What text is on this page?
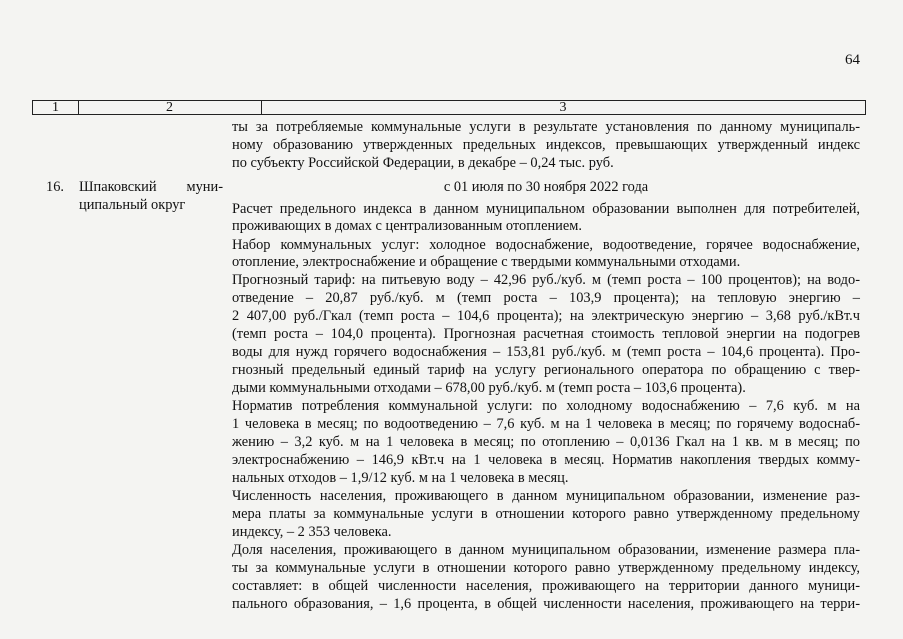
64
1	2	3
ты за потребляемые коммунальные услуги в результате установления по данному муниципаль-
ному образованию утвержденных предельных индексов, превышающих утвержденный индекс
по субъекту Российской Федерации, в декабре – 0,24 тыс. руб.
16. Шпаковский муни-
ципальный округ
с 01 июля по 30 ноября 2022 года
Расчет предельного индекса в данном муниципальном образовании выполнен для потребителей,
проживающих в домах с централизованным отоплением.
Набор коммунальных услуг: холодное водоснабжение, водоотведение, горячее водоснабжение,
отопление, электроснабжение и обращение с твердыми коммунальными отходами.
Прогнозный тариф: на питьевую воду – 42,96 руб./куб. м (темп роста – 100 процентов); на водо-
отведение – 20,87 руб./куб. м (темп роста – 103,9 процента); на тепловую энергию –
2 407,00 руб./Гкал (темп роста – 104,6 процента); на электрическую энергию – 3,68 руб./кВт.ч
(темп роста – 104,0 процента). Прогнозная расчетная стоимость тепловой энергии на подогрев
воды для нужд горячего водоснабжения – 153,81 руб./куб. м (темп роста – 104,6 процента). Про-
гнозный предельный единый тариф на услугу регионального оператора по обращению с твер-
дыми коммунальными отходами – 678,00 руб./куб. м (темп роста – 103,6 процента).
Норматив потребления коммунальной услуги: по холодному водоснабжению – 7,6 куб. м на
1 человека в месяц; по водоотведению – 7,6 куб. м на 1 человека в месяц; по горячему водоснаб-
жению – 3,2 куб. м на 1 человека в месяц; по отоплению – 0,0136 Гкал на 1 кв. м в месяц; по
электроснабжению – 146,9 кВт.ч на 1 человека в месяц. Норматив накопления твердых комму-
нальных отходов – 1,9/12 куб. м на 1 человека в месяц.
Численность населения, проживающего в данном муниципальном образовании, изменение раз-
мера платы за коммунальные услуги в отношении которого равно утвержденному предельному
индексу, – 2 353 человека.
Доля населения, проживающего в данном муниципальном образовании, изменение размера пла-
ты за коммунальные услуги в отношении которого равно утвержденному предельному индексу,
составляет: в общей численности населения, проживающего на территории данного муници-
пального образования, – 1,6 процента, в общей численности населения, проживающего на терри-
